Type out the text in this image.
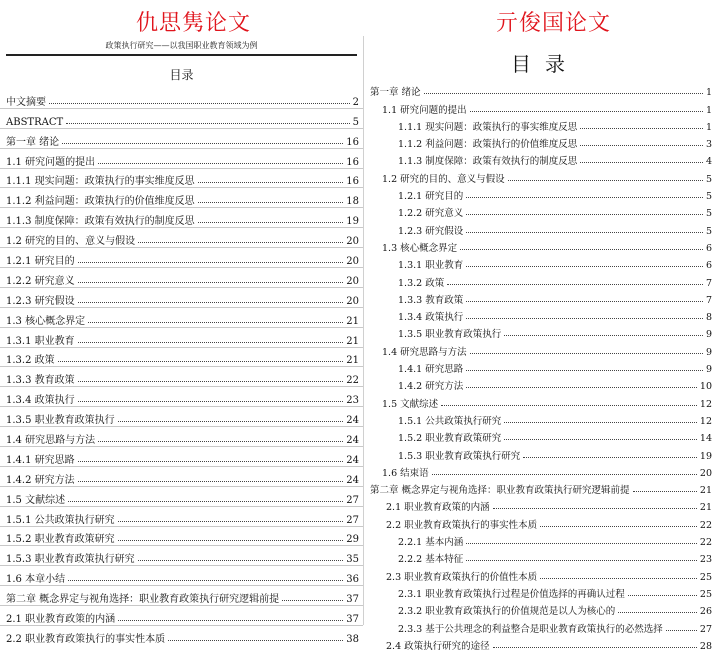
仇思隽论文	亓俊国论文
政策执行研究——以我国职业教育领域为例
目录
中文摘要	2
ABSTRACT	5
第一章 绪论	16
1.1 研究问题的提出	16
1.1.1 现实问题：政策执行的事实维度反思	16
1.1.2 利益问题：政策执行的价值维度反思	18
1.1.3 制度保障：政策有效执行的制度反思	19
1.2 研究的目的、意义与假设	20
1.2.1 研究目的	20
1.2.2 研究意义	20
1.2.3 研究假设	20
1.3 核心概念界定	21
1.3.1 职业教育	21
1.3.2 政策	21
1.3.3 教育政策	22
1.3.4 政策执行	23
1.3.5 职业教育政策执行	24
1.4 研究思路与方法	24
1.4.1 研究思路	24
1.4.2 研究方法	24
1.5 文献综述	27
1.5.1 公共政策执行研究	27
1.5.2 职业教育政策研究	29
1.5.3 职业教育政策执行研究	35
1.6 本章小结	36
第二章 概念界定与视角选择：职业教育政策执行研究逻辑前提	37
2.1 职业教育政策的内涵	37
2.2 职业教育政策执行的事实性本质	38
目录
第一章 绪论	1
1.1 研究问题的提出	1
1.1.1 现实问题：政策执行的事实维度反思	1
1.1.2 利益问题：政策执行的价值维度反思	3
1.1.3 制度保障：政策有效执行的制度反思	4
1.2 研究的目的、意义与假设	5
1.2.1 研究目的	5
1.2.2 研究意义	5
1.2.3 研究假设	5
1.3 核心概念界定	6
1.3.1 职业教育	6
1.3.2 政策	7
1.3.3 教育政策	7
1.3.4 政策执行	8
1.3.5 职业教育政策执行	9
1.4 研究思路与方法	9
1.4.1 研究思路	9
1.4.2 研究方法	10
1.5 文献综述	12
1.5.1 公共政策执行研究	12
1.5.2 职业教育政策研究	14
1.5.3 职业教育政策执行研究	19
1.6 结束语	20
第二章 概念界定与视角选择：职业教育政策执行研究逻辑前提	21
2.1 职业教育政策的内涵	21
2.2 职业教育政策执行的事实性本质	22
2.2.1 基本内涵	22
2.2.2 基本特征	23
2.3 职业教育政策执行的价值性本质	25
2.3.1 职业教育政策执行过程是价值选择的再确认过程	25
2.3.2 职业教育政策执行的价值规范是以人为核心的	26
2.3.3 基于公共理念的利益整合是职业教育政策执行的必然选择	27
2.4 政策执行研究的途径	28
